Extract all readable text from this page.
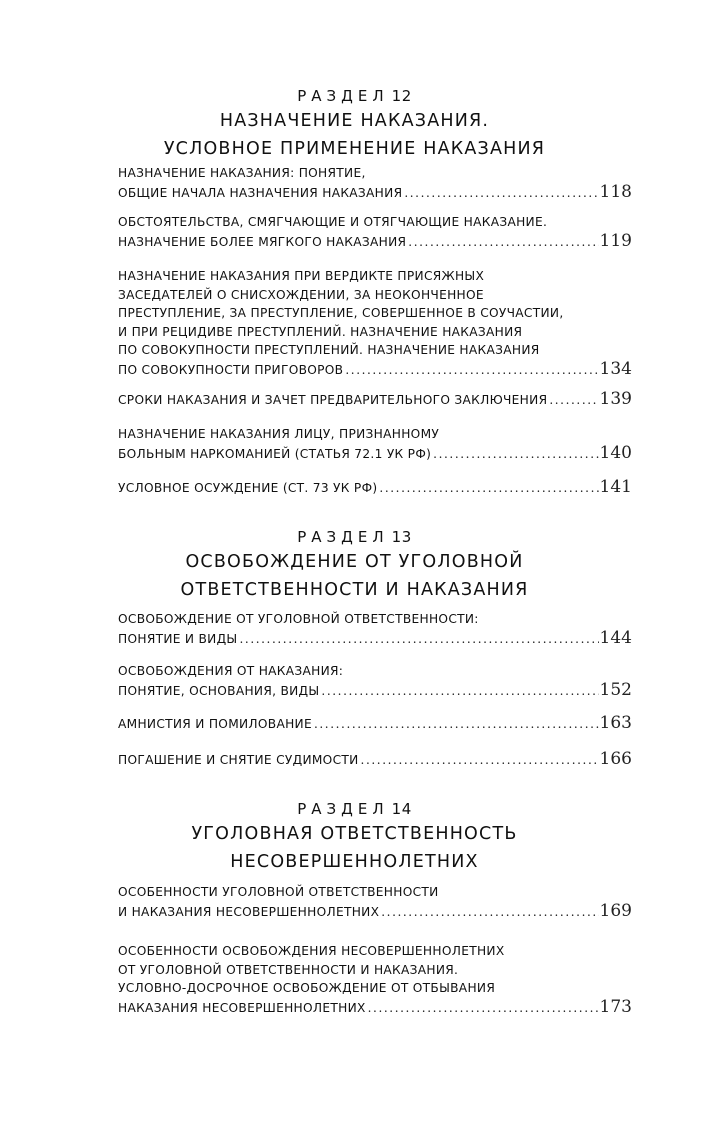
РАЗДЕЛ 12
НАЗНАЧЕНИЕ НАКАЗАНИЯ.
УСЛОВНОЕ ПРИМЕНЕНИЕ НАКАЗАНИЯ
НАЗНАЧЕНИЕ НАКАЗАНИЯ: ПОНЯТИЕ,
ОБЩИЕ НАЧАЛА НАЗНАЧЕНИЯ НАКАЗАНИЯ .....	118
ОБСТОЯТЕЛЬСТВА, СМЯГЧАЮЩИЕ И ОТЯГЧАЮЩИЕ НАКАЗАНИЕ.
НАЗНАЧЕНИЕ БОЛЕЕ МЯГКОГО НАКАЗАНИЯ .....	119
НАЗНАЧЕНИЕ НАКАЗАНИЯ ПРИ ВЕРДИКТЕ ПРИСЯЖНЫХ
ЗАСЕДАТЕЛЕЙ О СНИСХОЖДЕНИИ, ЗА НЕОКОНЧЕННОЕ
ПРЕСТУПЛЕНИЕ, ЗА ПРЕСТУПЛЕНИЕ, СОВЕРШЕННОЕ В СОУЧАСТИИ,
И ПРИ РЕЦИДИВЕ ПРЕСТУПЛЕНИЙ. НАЗНАЧЕНИЕ НАКАЗАНИЯ
ПО СОВОКУПНОСТИ ПРЕСТУПЛЕНИЙ. НАЗНАЧЕНИЕ НАКАЗАНИЯ
ПО СОВОКУПНОСТИ ПРИГОВОРОВ .....	134
СРОКИ НАКАЗАНИЯ И ЗАЧЕТ ПРЕДВАРИТЕЛЬНОГО ЗАКЛЮЧЕНИЯ .....	139
НАЗНАЧЕНИЕ НАКАЗАНИЯ ЛИЦУ, ПРИЗНАННОМУ
БОЛЬНЫМ НАРКОМАНИЕЙ (СТАТЬЯ 72.1 УК РФ) .....	140
УСЛОВНОЕ ОСУЖДЕНИЕ (СТ. 73 УК РФ) .....	141
РАЗДЕЛ 13
ОСВОБОЖДЕНИЕ ОТ УГОЛОВНОЙ
ОТВЕТСТВЕННОСТИ И НАКАЗАНИЯ
ОСВОБОЖДЕНИЕ ОТ УГОЛОВНОЙ ОТВЕТСТВЕННОСТИ:
ПОНЯТИЕ И ВИДЫ .....	144
ОСВОБОЖДЕНИЯ ОТ НАКАЗАНИЯ:
ПОНЯТИЕ, ОСНОВАНИЯ, ВИДЫ .....	152
АМНИСТИЯ И ПОМИЛОВАНИЕ .....	163
ПОГАШЕНИЕ И СНЯТИЕ СУДИМОСТИ .....	166
РАЗДЕЛ 14
УГОЛОВНАЯ ОТВЕТСТВЕННОСТЬ
НЕСОВЕРШЕННОЛЕТНИХ
ОСОБЕННОСТИ УГОЛОВНОЙ ОТВЕТСТВЕННОСТИ
И НАКАЗАНИЯ НЕСОВЕРШЕННОЛЕТНИХ .....	169
ОСОБЕННОСТИ ОСВОБОЖДЕНИЯ НЕСОВЕРШЕННОЛЕТНИХ
ОТ УГОЛОВНОЙ ОТВЕТСТВЕННОСТИ И НАКАЗАНИЯ.
УСЛОВНО-ДОСРОЧНОЕ ОСВОБОЖДЕНИЕ ОТ ОТБЫВАНИЯ
НАКАЗАНИЯ НЕСОВЕРШЕННОЛЕТНИХ .....	173
